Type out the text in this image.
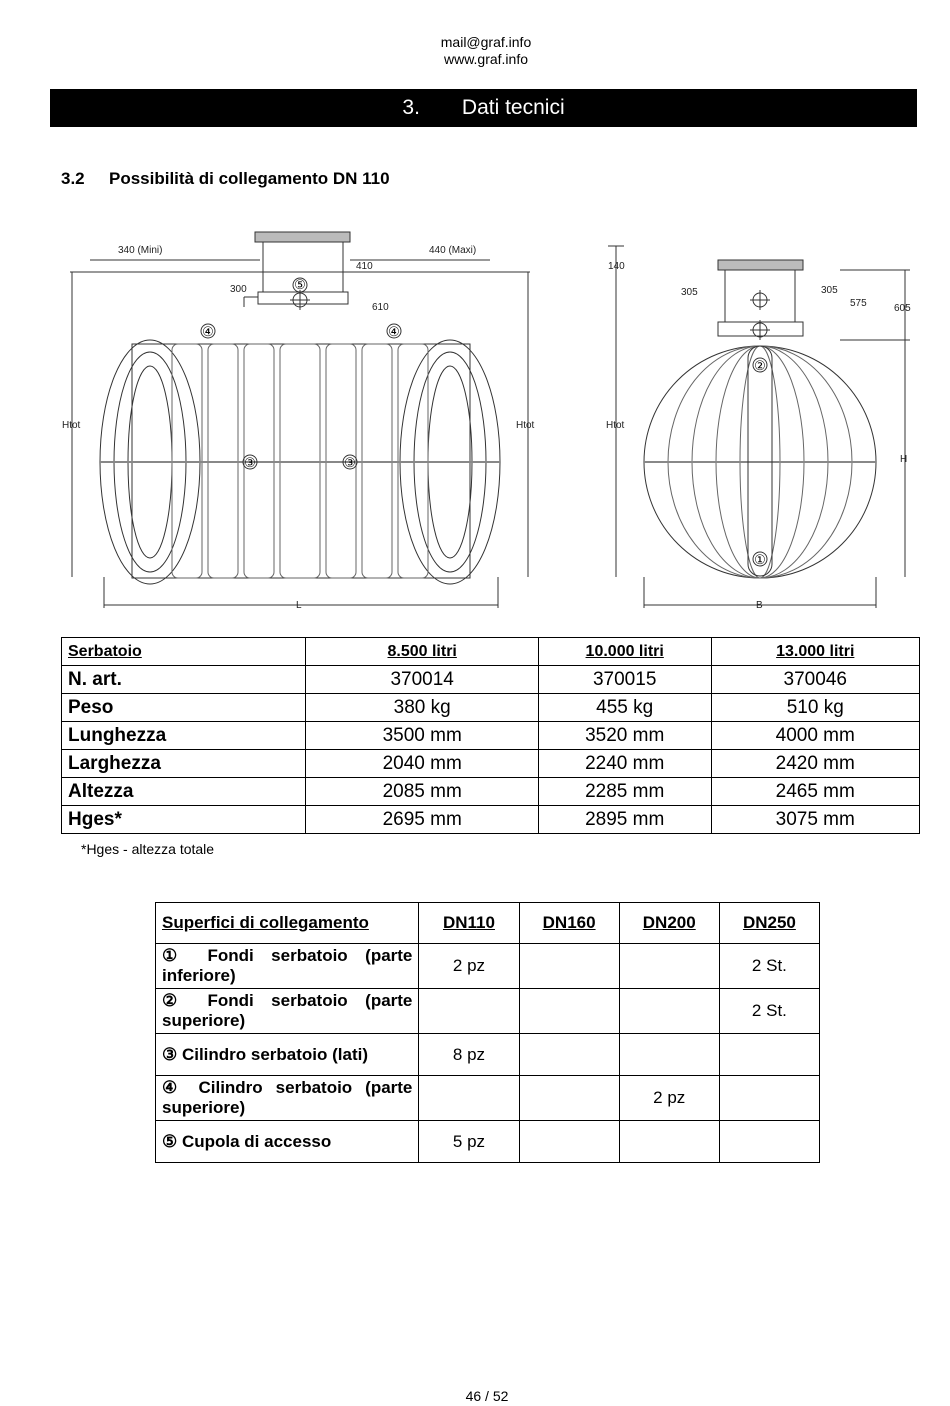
mail@graf.info
www.graf.info
3. Dati tecnici
3.2 Possibilità di collegamento DN 110
340 (Mini)	440 (Maxi)
300
410
610
Htot	Htot
L
140
305	305
575	605
Htot
H
B
⑤
④	④
③	③
②
①
Serbatoio	8.500 litri	10.000 litri	13.000 litri
N. art.	370014	370015	370046
Peso	380 kg	455 kg	510 kg
Lunghezza	3500 mm	3520 mm	4000 mm
Larghezza	2040 mm	2240 mm	2420 mm
Altezza	2085 mm	2285 mm	2465 mm
Hges*	2695 mm	2895 mm	3075 mm
*Hges - altezza totale
Superfici di collegamento	DN110	DN160	DN200	DN250
① Fondi serbatoio (parte inferiore)	2 pz			2 St.
② Fondi serbatoio (parte superiore)				2 St.
③ Cilindro serbatoio (lati)	8 pz			
④ Cilindro serbatoio (parte superiore)			2 pz	
⑤ Cupola di accesso	5 pz			
46 / 52
